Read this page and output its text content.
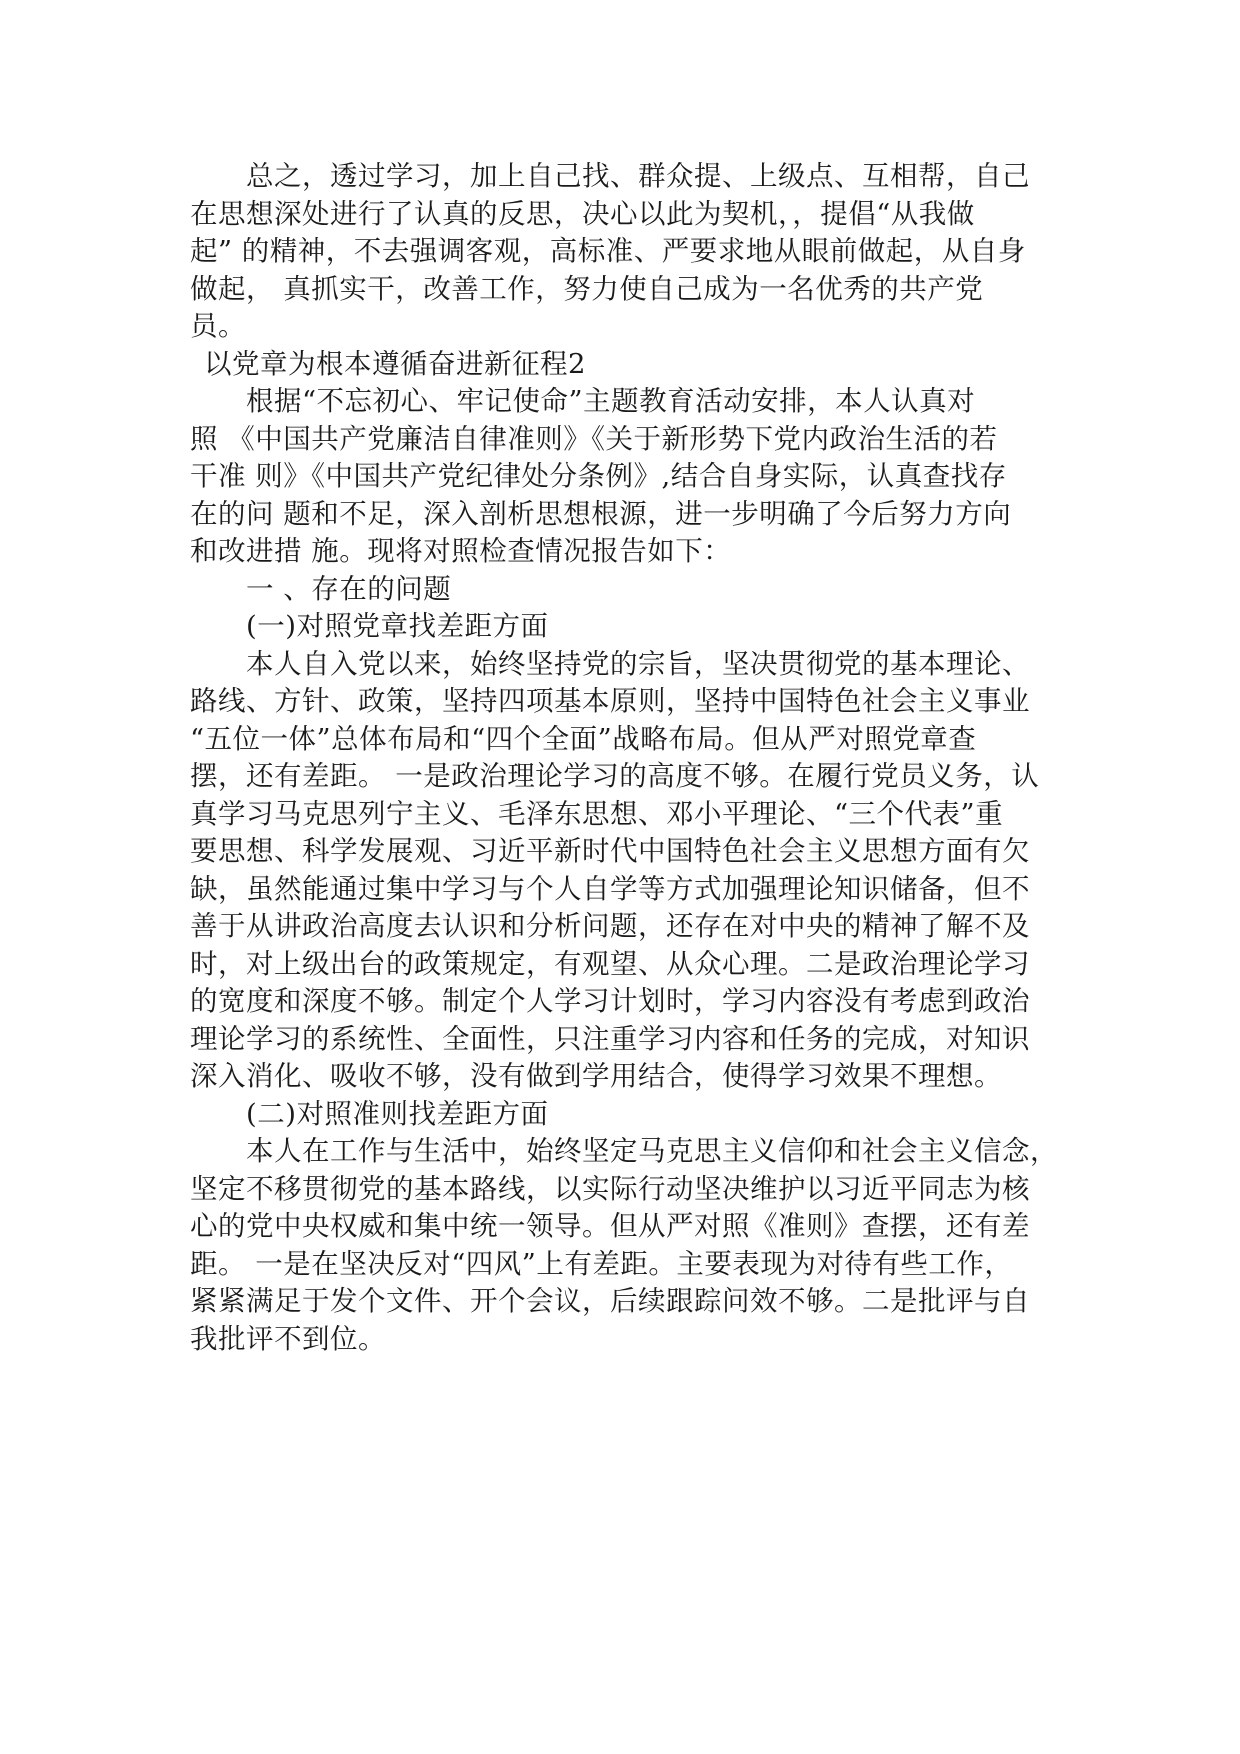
总之，透过学习，加上自己找、群众提、上级点、互相帮，自己

在思想深处进行了认真的反思，决心以此为契机，，提倡“从我做

起” 的精神，不去强调客观，高标准、严要求地从眼前做起，从自身

做起， 真抓实干，改善工作，努力使自己成为一名优秀的共产党

员。

以党章为根本遵循奋进新征程2

根据“不忘初心、牢记使命”主题教育活动安排，本人认真对

照 《中国共产党廉洁自律准则》《关于新形势下党内政治生活的若

干准 则》《中国共产党纪律处分条例》,结合自身实际，认真查找存

在的问 题和不足，深入剖析思想根源，进一步明确了今后努力方向

和改进措 施。现将对照检查情况报告如下：

一 、存在的问题

(一)对照党章找差距方面

本人自入党以来，始终坚持党的宗旨，坚决贯彻党的基本理论、

路线、方针、政策，坚持四项基本原则，坚持中国特色社会主义事业

“五位一体”总体布局和“四个全面”战略布局。但从严对照党章查

摆，还有差距。 一是政治理论学习的高度不够。在履行党员义务，认

真学习马克思列宁主义、毛泽东思想、邓小平理论、“三个代表”重

要思想、科学发展观、习近平新时代中国特色社会主义思想方面有欠

缺，虽然能通过集中学习与个人自学等方式加强理论知识储备，但不

善于从讲政治高度去认识和分析问题，还存在对中央的精神了解不及

时，对上级出台的政策规定，有观望、从众心理。二是政治理论学习

的宽度和深度不够。制定个人学习计划时，学习内容没有考虑到政治

理论学习的系统性、全面性，只注重学习内容和任务的完成，对知识

深入消化、吸收不够，没有做到学用结合，使得学习效果不理想。

(二)对照准则找差距方面

本人在工作与生活中，始终坚定马克思主义信仰和社会主义信念，

坚定不移贯彻党的基本路线，以实际行动坚决维护以习近平同志为核

心的党中央权威和集中统一领导。但从严对照《准则》查摆，还有差

距。 一是在坚决反对“四风”上有差距。主要表现为对待有些工作，

紧紧满足于发个文件、开个会议，后续跟踪问效不够。二是批评与自

我批评不到位。
